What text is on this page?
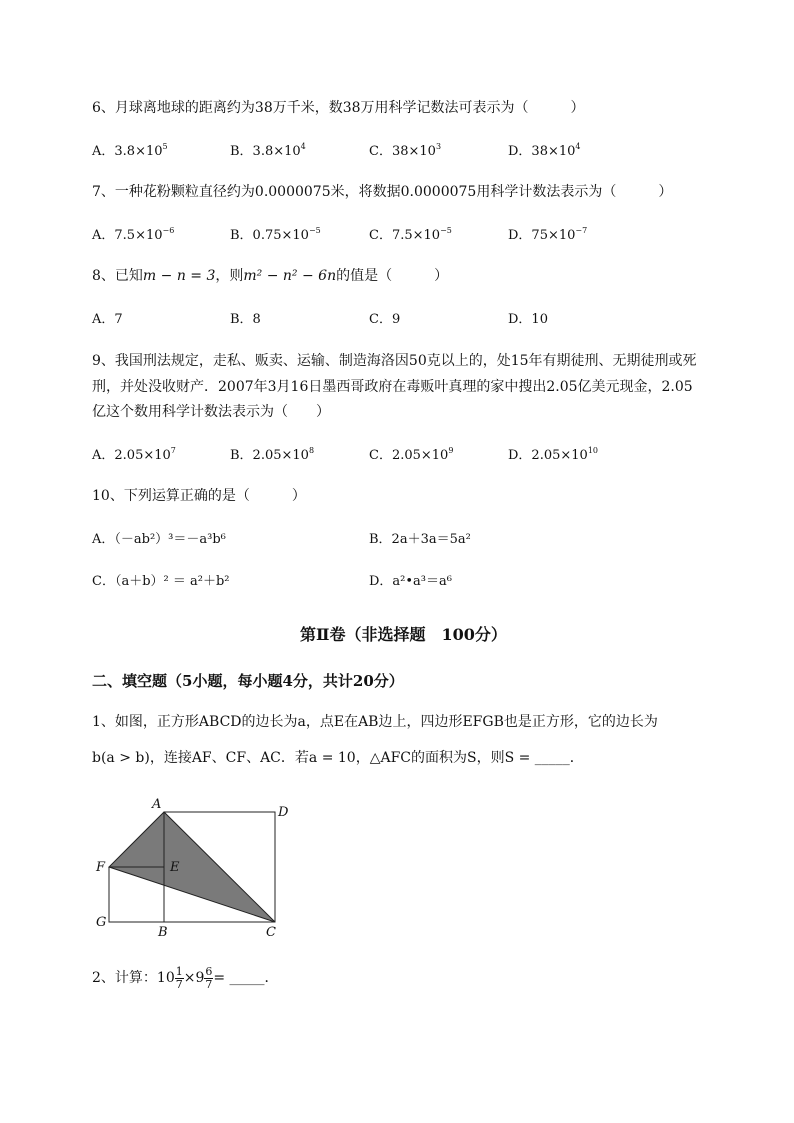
6、月球离地球的距离约为38万千米，数38万用科学记数法可表示为（　　　）
A．$3.8\times 10^5$	B．$3.8\times 10^4$	C．$38\times 10^3$	D．$38\times 10^4$
7、一种花粉颗粒直径约为0.0000075米，将数据0.0000075用科学计数法表示为（　　　）
A．$7.5\times 10^{-6}$	B．$0.75\times 10^{-5}$	C．$7.5\times 10^{-5}$	D．$75\times 10^{-7}$
8、已知m − n = 3，则m² − n² − 6n的值是（　　　）
A．7	B．8	C．9	D．10
9、我国刑法规定，走私、贩卖、运输、制造海洛因50克以上的，处15年有期徒刑、无期徒刑或死
刑，并处没收财产．2007年3月16日墨西哥政府在毒贩叶真理的家中搜出2.05亿美元现金，2.05
亿这个数用科学计数法表示为（　　）
A．$2.05\times 10^7$	B．$2.05\times 10^8$	C．$2.05\times 10^9$	D．$2.05\times 10^{10}$
10、下列运算正确的是（　　　）
A．（－ab²）³＝－a³b⁶	B．2a＋3a＝5a²
C．（a＋b）² ＝ a²＋b²	D．a²•a³＝a⁶
第Ⅱ卷（非选择题　100分）
二、填空题（5小题，每小题4分，共计20分）
1、如图，正方形ABCD的边长为a，点E在AB边上，四边形EFGB也是正方形，它的边长为
b(a > b)，连接AF、CF、AC．若a = 10，△AFC的面积为S，则S = _____．
A
D
F	E
G
B	C
2、计算：$10 \frac{1}{7} \times 9 \frac{6}{7}$ = _____．
